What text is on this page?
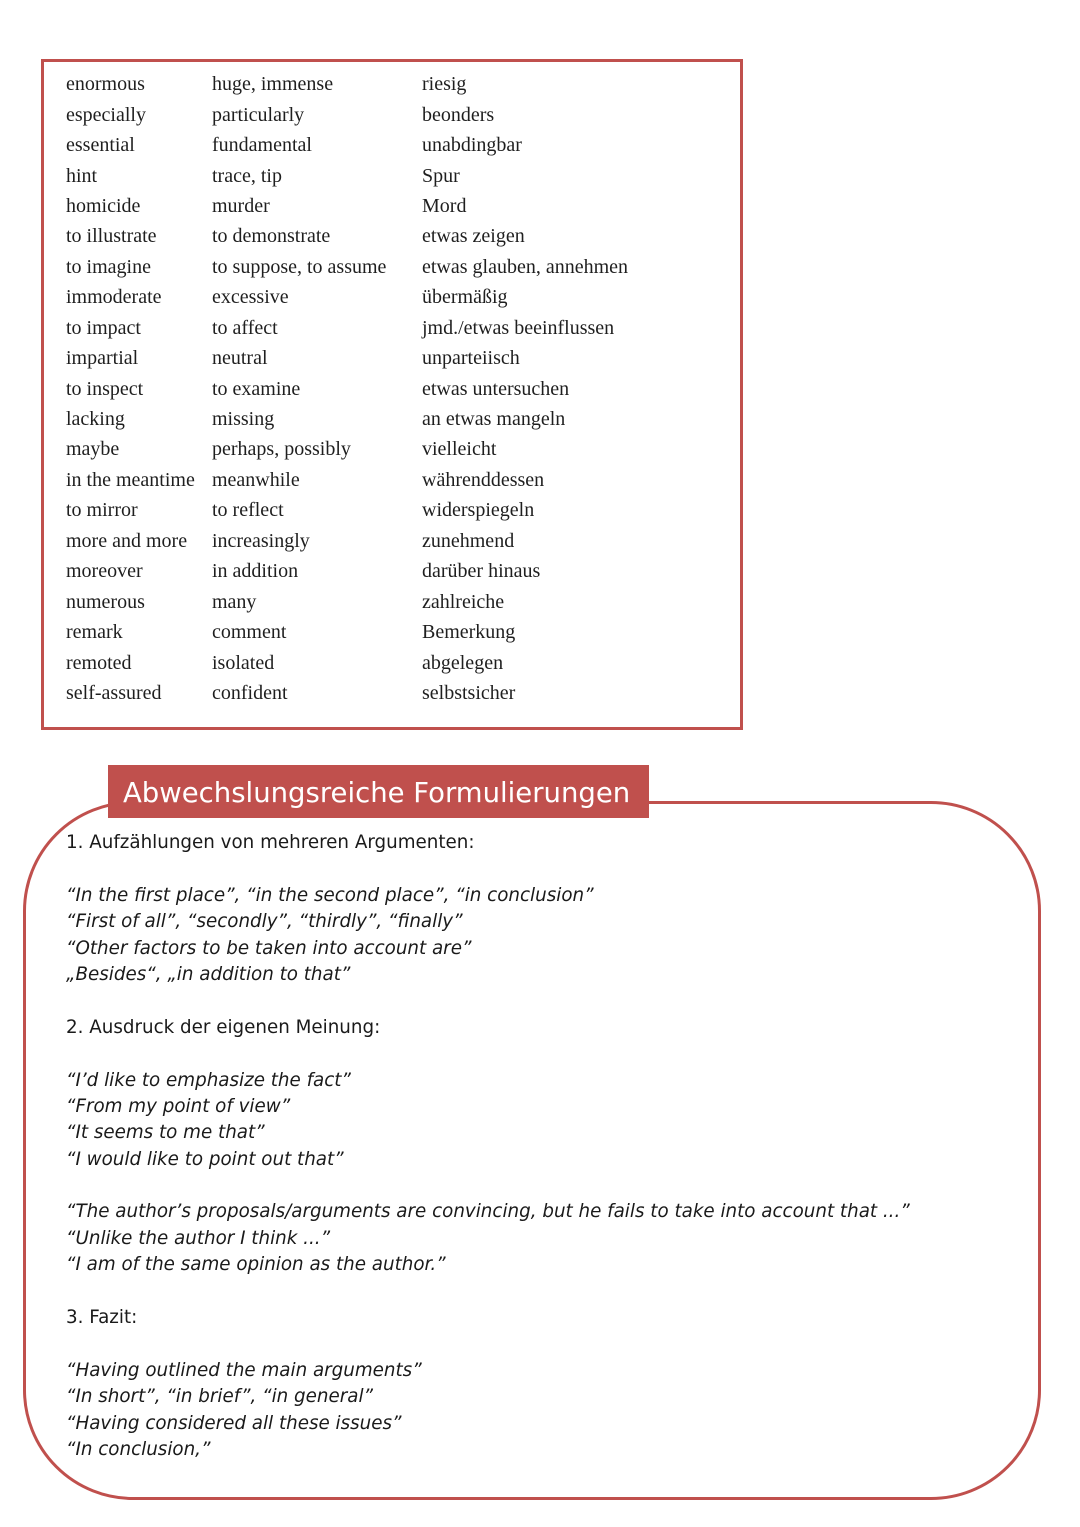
enormous	huge, immense	riesig
especially	particularly	beonders
essential	fundamental	unabdingbar
hint	trace, tip	Spur
homicide	murder	Mord
to illustrate	to demonstrate	etwas zeigen
to imagine	to suppose, to assume	etwas glauben, annehmen
immoderate	excessive	übermäßig
to impact	to affect	jmd./etwas beeinflussen
impartial	neutral	unparteiisch
to inspect	to examine	etwas untersuchen
lacking	missing	an etwas mangeln
maybe	perhaps, possibly	vielleicht
in the meantime	meanwhile	währenddessen
to mirror	to reflect	widerspiegeln
more and more	increasingly	zunehmend
moreover	in addition	darüber hinaus
numerous	many	zahlreiche
remark	comment	Bemerkung
remoted	isolated	abgelegen
self-assured	confident	selbstsicher
Abwechslungsreiche Formulierungen
1. Aufzählungen von mehreren Argumenten:
“In the first place”, “in the second place”, “in conclusion”
“First of all”, “secondly”, “thirdly”, “finally”
“Other factors to be taken into account are”
„Besides“, „in addition to that”
2. Ausdruck der eigenen Meinung:
“I’d like to emphasize the fact”
“From my point of view”
“It seems to me that”
“I would like to point out that”
“The author’s proposals/arguments are convincing, but he fails to take into account that ...”
“Unlike the author I think ...”
“I am of the same opinion as the author.”
3. Fazit:
“Having outlined the main arguments”
“In short”, “in brief”, “in general”
“Having considered all these issues”
“In conclusion,”
